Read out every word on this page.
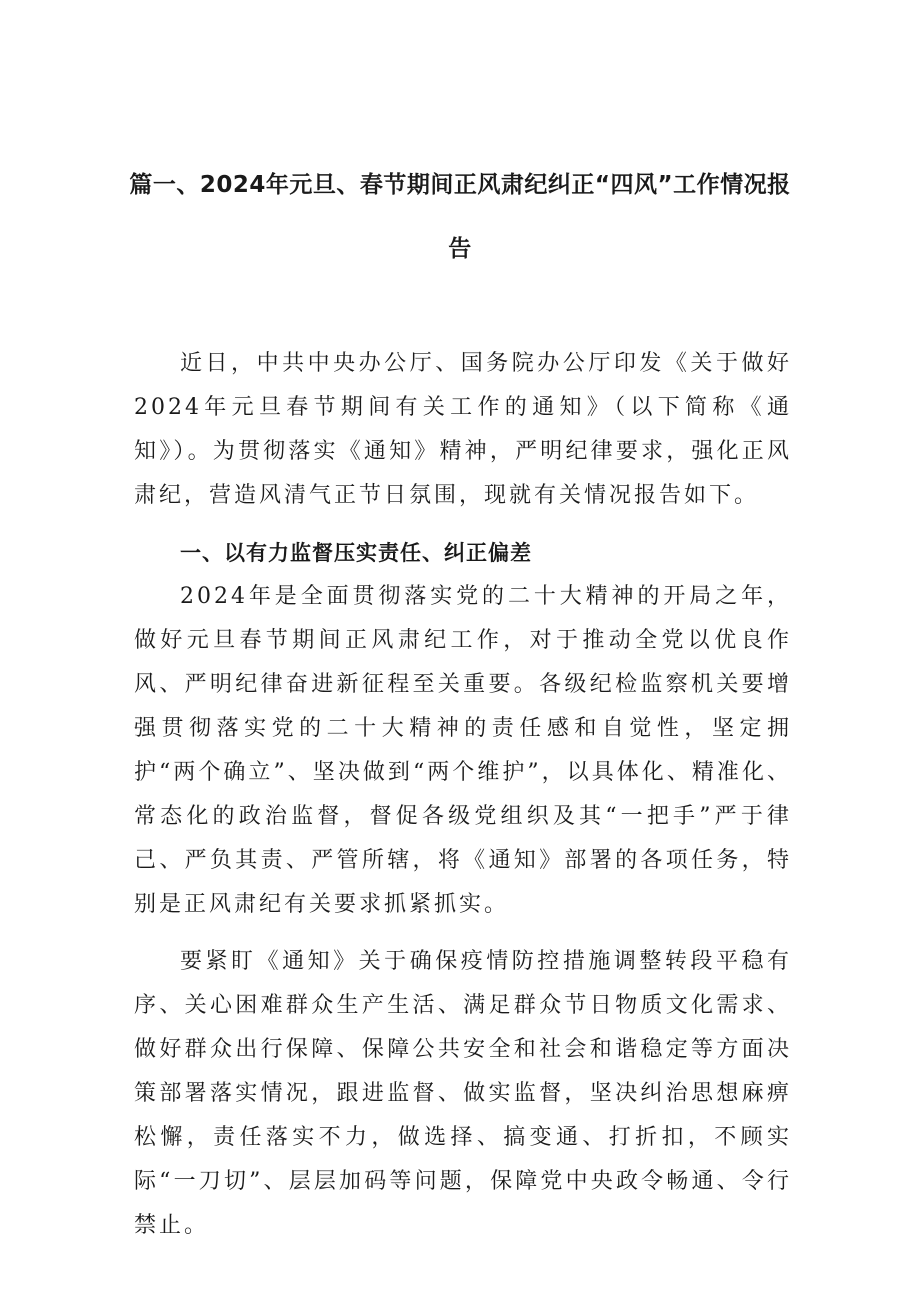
篇一、2024年元旦、春节期间正风肃纪纠正“四风”工作情况报
告

近日，中共中央办公厅、国务院办公厅印发《关于做好2024年元旦春节期间有关工作的通知》（以下简称《通知》）。为贯彻落实《通知》精神，严明纪律要求，强化正风肃纪，营造风清气正节日氛围，现就有关情况报告如下。

一、以有力监督压实责任、纠正偏差

2024年是全面贯彻落实党的二十大精神的开局之年，做好元旦春节期间正风肃纪工作，对于推动全党以优良作风、严明纪律奋进新征程至关重要。各级纪检监察机关要增强贯彻落实党的二十大精神的责任感和自觉性，坚定拥护“两个确立”、坚决做到“两个维护”，以具体化、精准化、常态化的政治监督，督促各级党组织及其“一把手”严于律己、严负其责、严管所辖，将《通知》部署的各项任务，特别是正风肃纪有关要求抓紧抓实。

要紧盯《通知》关于确保疫情防控措施调整转段平稳有序、关心困难群众生产生活、满足群众节日物质文化需求、做好群众出行保障、保障公共安全和社会和谐稳定等方面决策部署落实情况，跟进监督、做实监督，坚决纠治思想麻痹松懈，责任落实不力，做选择、搞变通、打折扣，不顾实际“一刀切”、层层加码等问题，保障党中央政令畅通、令行禁止。
